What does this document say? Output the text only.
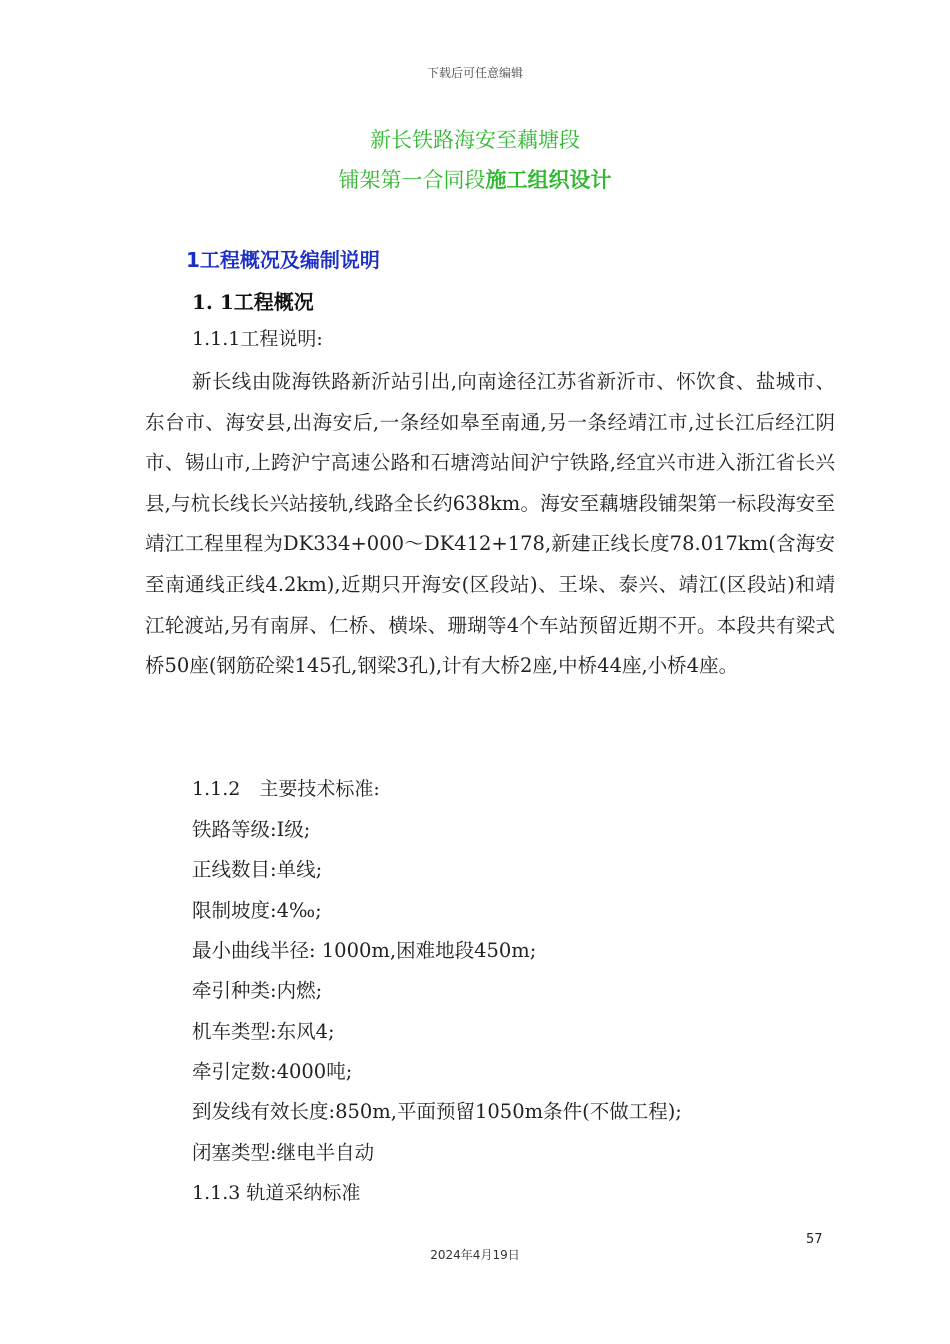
下载后可任意编辑
新长铁路海安至藕塘段
铺架第一合同段施工组织设计
1工程概况及编制说明
1. 1工程概况
1.1.1工程说明:
新长线由陇海铁路新沂站引出,向南途径江苏省新沂市、怀饮食、盐城市、东台市、海安县,出海安后,一条经如皋至南通,另一条经靖江市,过长江后经江阴市、锡山市,上跨沪宁高速公路和石塘湾站间沪宁铁路,经宜兴市进入浙江省长兴县,与杭长线长兴站接轨,线路全长约638km。海安至藕塘段铺架第一标段海安至靖江工程里程为DK334+000～DK412+178,新建正线长度78.017km(含海安至南通线正线4.2km),近期只开海安(区段站)、王垛、泰兴、靖江(区段站)和靖江轮渡站,另有南屏、仁桥、横垛、珊瑚等4个车站预留近期不开。本段共有梁式桥50座(钢筋砼梁145孔,钢梁3孔),计有大桥2座,中桥44座,小桥4座。
1.1.2　主要技术标准:
铁路等级:Ⅰ级;
正线数目:单线;
限制坡度:4‰;
最小曲线半径: 1000m,困难地段450m;
牵引种类:内燃;
机车类型:东风4;
牵引定数:4000吨;
到发线有效长度:850m,平面预留1050m条件(不做工程);
闭塞类型:继电半自动
1.1.3 轨道采纳标准
57
2024年4月19日
